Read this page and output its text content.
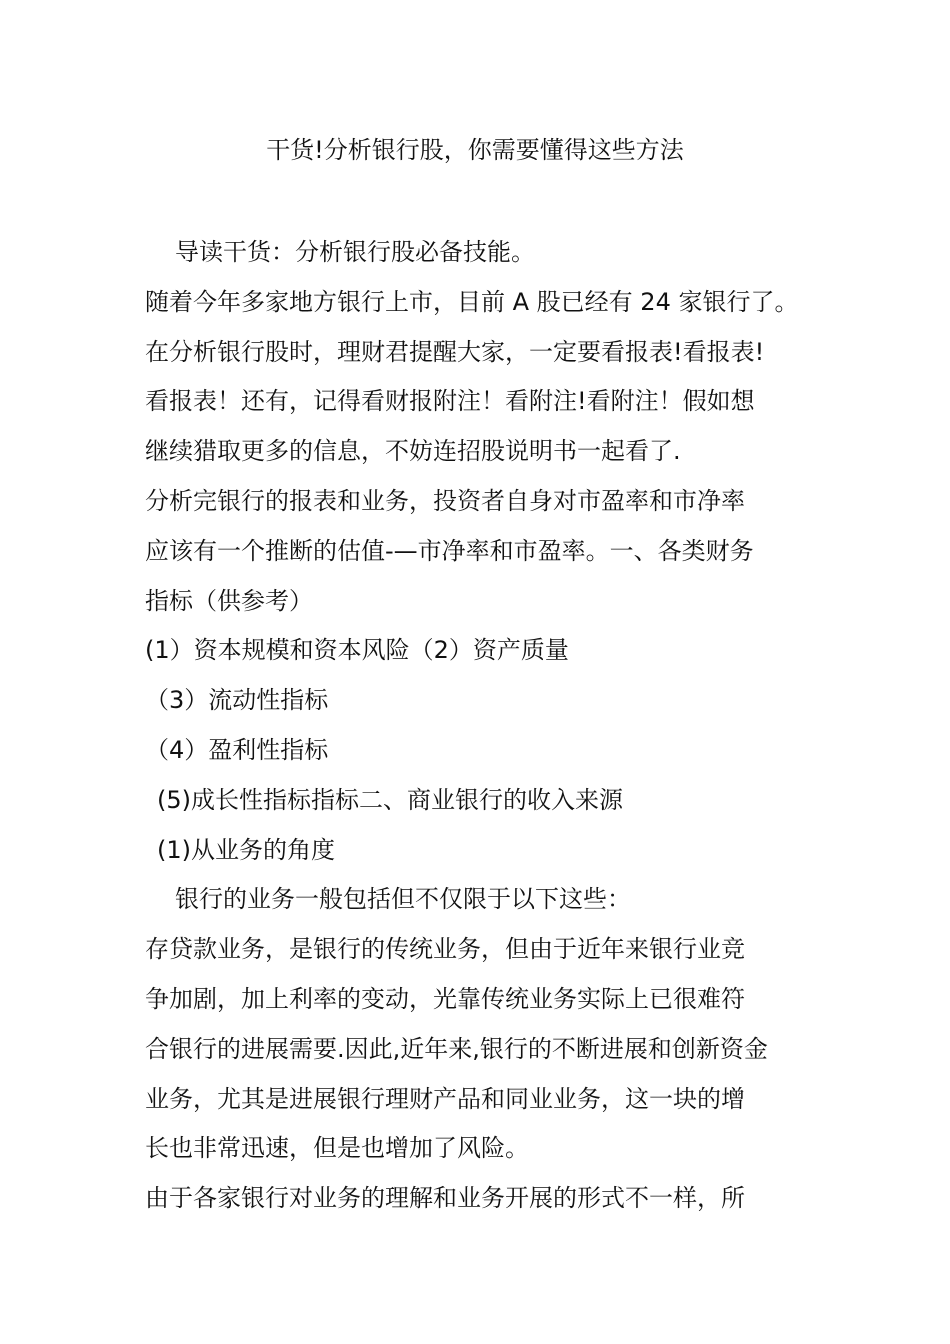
干货!分析银行股，你需要懂得这些方法
导读干货：分析银行股必备技能。
随着今年多家地方银行上市，目前 A 股已经有 24 家银行了。
在分析银行股时，理财君提醒大家，一定要看报表!看报表!
看报表！还有，记得看财报附注！看附注!看附注！假如想
继续猎取更多的信息，不妨连招股说明书一起看了.
分析完银行的报表和业务，投资者自身对市盈率和市净率
应该有一个推断的估值-—市净率和市盈率。一、各类财务
指标（供参考）
(1）资本规模和资本风险（2）资产质量
（3）流动性指标
（4）盈利性指标
(5)成长性指标指标二、商业银行的收入来源
(1)从业务的角度
银行的业务一般包括但不仅限于以下这些：
存贷款业务，是银行的传统业务，但由于近年来银行业竞
争加剧，加上利率的变动，光靠传统业务实际上已很难符
合银行的进展需要.因此,近年来,银行的不断进展和创新资金
业务，尤其是进展银行理财产品和同业业务，这一块的增
长也非常迅速，但是也增加了风险。
由于各家银行对业务的理解和业务开展的形式不一样，所
